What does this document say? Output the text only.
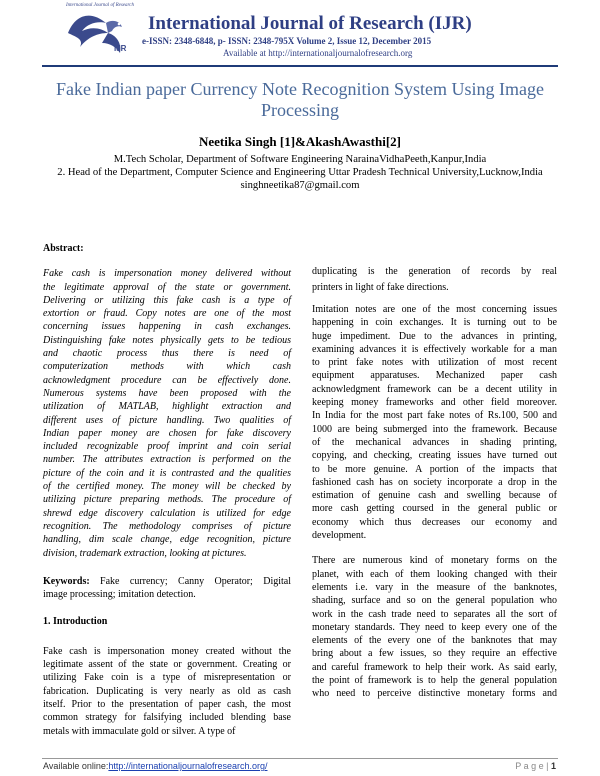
International Journal of Research
IJR
International Journal of Research (IJR)
e-ISSN: 2348-6848, p- ISSN: 2348-795X Volume 2, Issue 12, December 2015
Available at http://internationaljournalofresearch.org
Fake Indian paper Currency Note Recognition System Using Image Processing
Neetika Singh [1]&AkashAwasthi[2]
M.Tech Scholar, Department of Software Engineering NarainaVidhaPeeth,Kanpur,India
2. Head of the Department, Computer Science and Engineering Uttar Pradesh Technical University,Lucknow,India
singhneetika87@gmail.com
Abstract:
Fake cash is impersonation money delivered without
the legitimate approval of the state or government.
Delivering or utilizing this fake cash is a type of
extortion or fraud. Copy notes are one of the most
concerning issues happening in cash exchanges.
Distinguishing fake notes physically gets to be tedious
and chaotic process thus there is need of
computerization methods with which cash
acknowledgment procedure can be effectively done.
Numerous systems have been proposed with the
utilization of MATLAB, highlight extraction and
different uses of picture handling. Two qualities of
Indian paper money are chosen for fake discovery
included recognizable proof imprint and coin serial
number. The attributes extraction is performed on the
picture of the coin and it is contrasted and the qualities
of the certified money. The money will be checked by
utilizing picture preparing methods. The procedure of
shrewd edge discovery calculation is utilized for edge
recognition. The methodology comprises of picture
handling, dim scale change, edge recognition, picture
division, trademark extraction, looking at pictures.
Keywords: Fake currency; Canny Operator; Digital
image processing; imitation detection.
1. Introduction
Fake cash is impersonation money created without the
legitimate assent of the state or government. Creating or
utilizing Fake coin is a type of misrepresentation or
fabrication. Duplicating is very nearly as old as cash
itself. Prior to the presentation of paper cash, the most
common strategy for falsifying included blending base
metals with immaculate gold or silver. A type of
duplicating is the generation of records by real
printers in light of fake directions.
Imitation notes are one of the most concerning issues
happening in coin exchanges. It is turning out to be
huge impediment. Due to the advances in printing,
examining advances it is effectively workable for a man
to print fake notes with utilization of most recent
equipment apparatuses. Mechanized paper cash
acknowledgment framework can be a decent utility in
keeping money frameworks and other field moreover.
In India for the most part fake notes of Rs.100, 500 and
1000 are being submerged into the framework. Because
of the mechanical advances in shading printing,
copying, and checking, creating issues have turned out
to be more genuine. A portion of the impacts that
fashioned cash has on society incorporate a drop in the
estimation of genuine cash and swelling because of
more cash getting coursed in the general public or
economy which thus decreases our economy and
development.
There are numerous kind of monetary forms on the
planet, with each of them looking changed with their
elements i.e. vary in the measure of the banknotes,
shading, surface and so on the general population who
work in the cash trade need to separates all the sort of
monetary standards. They need to keep every one of the
elements of the every one of the banknotes that may
bring about a few issues, so they require an effective
and careful framework to help their work. As said early,
the point of framework is to help the general population
who need to perceive distinctive monetary forms and
Available online:http://internationaljournalofresearch.org/	P a g e | 1
